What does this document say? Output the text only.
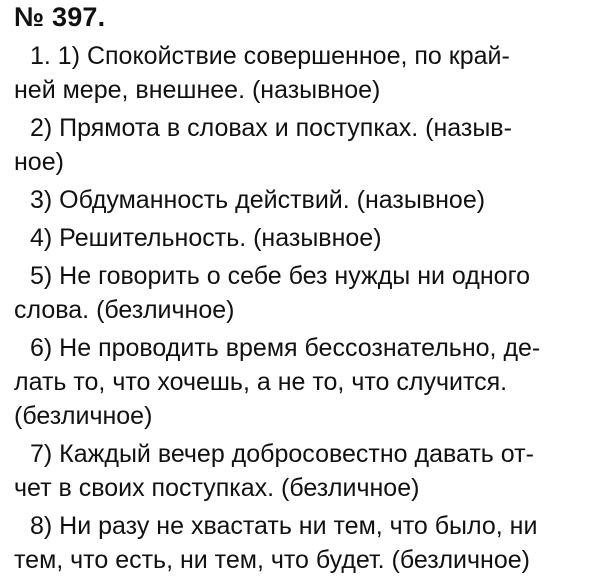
№ 397.
1. 1) Спокойствие совершенное, по край-
ней мере, внешнее. (назывное)
2) Прямота в словах и поступках. (назыв-
ное)
3) Обдуманность действий. (назывное)
4) Решительность. (назывное)
5) Не говорить о себе без нужды ни одного
слова. (безличное)
6) Не проводить время бессознательно, де-
лать то, что хочешь, а не то, что случится.
(безличное)
7) Каждый вечер добросовестно давать от-
чет в своих поступках. (безличное)
8) Ни разу не хвастать ни тем, что было, ни
тем, что есть, ни тем, что будет. (безличное)
